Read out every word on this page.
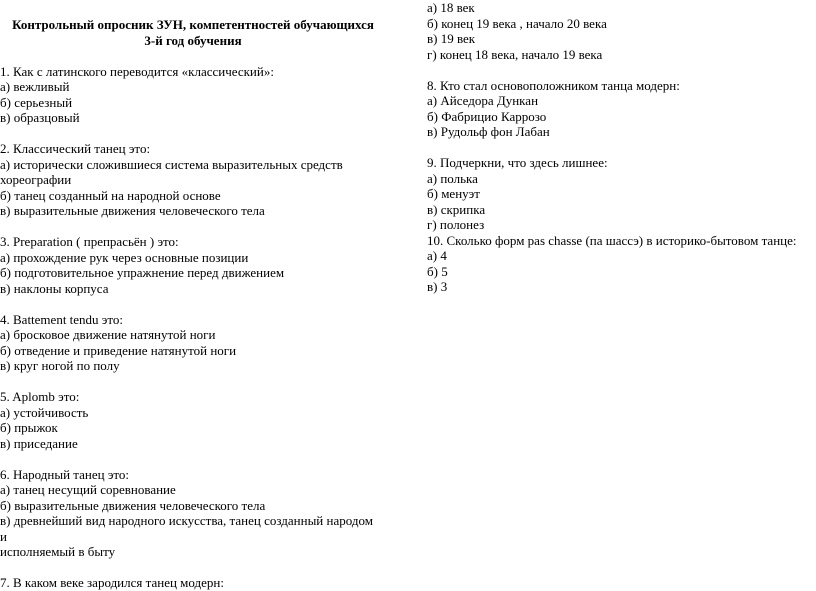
Контрольный опросник ЗУН, компетентностей обучающихся
3-й год обучения
1. Как с латинского переводится «классический»:
а) вежливый
б) серьезный
в) образцовый
2. Классический танец это:
а) исторически сложившиеся система выразительных средств
хореографии
б) танец созданный на народной основе
в) выразительные движения человеческого тела
3. Preparation ( препрасьён ) это:
а) прохождение рук через основные позиции
б) подготовительное упражнение перед движением
в) наклоны корпуса
4. Battement tendu это:
а) бросковое движение натянутой ноги
б) отведение и приведение натянутой ноги
в) круг ногой по полу
5. Aplomb это:
а) устойчивость
б) прыжок
в) приседание
6. Народный танец это:
а) танец несущий соревнование
б) выразительные движения человеческого тела
в) древнейший вид народного искусства, танец созданный народом
и
исполняемый в быту
7. В каком веке зародился танец модерн:
а) 18 век
б) конец 19 века , начало 20 века
в) 19 век
г) конец 18 века, начало 19 века
8. Кто стал основоположником танца модерн:
а) Айседора Дункан
б) Фабрицио Каррозо
в) Рудольф фон Лабан
9. Подчеркни, что здесь лишнее:
а) полька
б) менуэт
в) скрипка
г) полонез
10. Сколько форм pas chasse (па шассэ) в историко-бытовом танце:
а) 4
б) 5
в) 3
